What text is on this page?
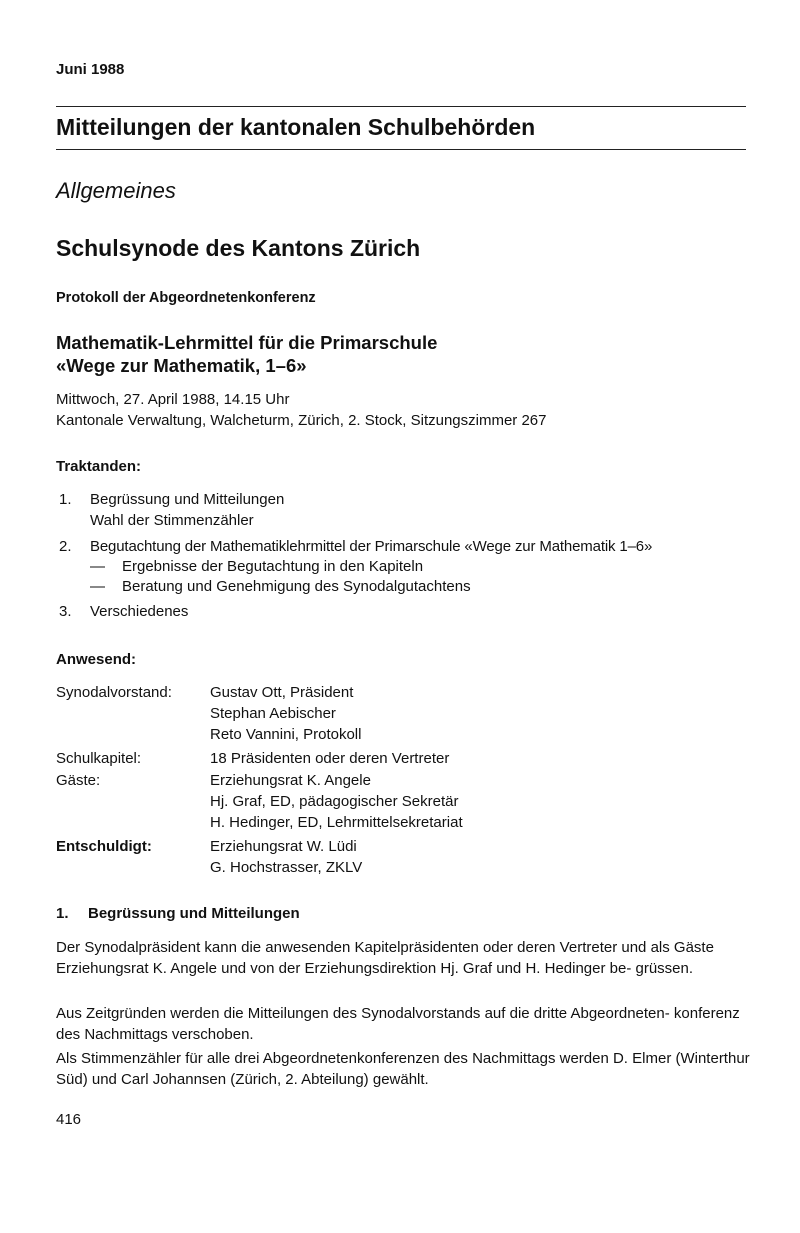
Juni 1988
Mitteilungen der kantonalen Schulbehörden
Allgemeines
Schulsynode des Kantons Zürich
Protokoll der Abgeordnetenkonferenz
Mathematik-Lehrmittel für die Primarschule
«Wege zur Mathematik, 1–6»
Mittwoch, 27. April 1988, 14.15 Uhr
Kantonale Verwaltung, Walcheturm, Zürich, 2. Stock, Sitzungszimmer 267
Traktanden:
1. Begrüssung und Mitteilungen
Wahl der Stimmenzähler
2. Begutachtung der Mathematiklehrmittel der Primarschule «Wege zur Mathematik 1–6»
— Ergebnisse der Begutachtung in den Kapiteln
— Beratung und Genehmigung des Synodalgutachtens
3. Verschiedenes
Anwesend:
Synodalvorstand:	Gustav Ott, Präsident
Stephan Aebischer
Reto Vannini, Protokoll
Schulkapitel:	18 Präsidenten oder deren Vertreter
Gäste:	Erziehungsrat K. Angele
Hj. Graf, ED, pädagogischer Sekretär
H. Hedinger, ED, Lehrmittelsekretariat
Entschuldigt:	Erziehungsrat W. Lüdi
G. Hochstrasser, ZKLV
1. Begrüssung und Mitteilungen
Der Synodalpräsident kann die anwesenden Kapitelpräsidenten oder deren Vertreter und als Gäste Erziehungsrat K. Angele und von der Erziehungsdirektion Hj. Graf und H. Hedinger be- grüssen.
Aus Zeitgründen werden die Mitteilungen des Synodalvorstands auf die dritte Abgeordneten- konferenz des Nachmittags verschoben.
Als Stimmenzähler für alle drei Abgeordnetenkonferenzen des Nachmittags werden D. Elmer (Winterthur Süd) und Carl Johannsen (Zürich, 2. Abteilung) gewählt.
416
